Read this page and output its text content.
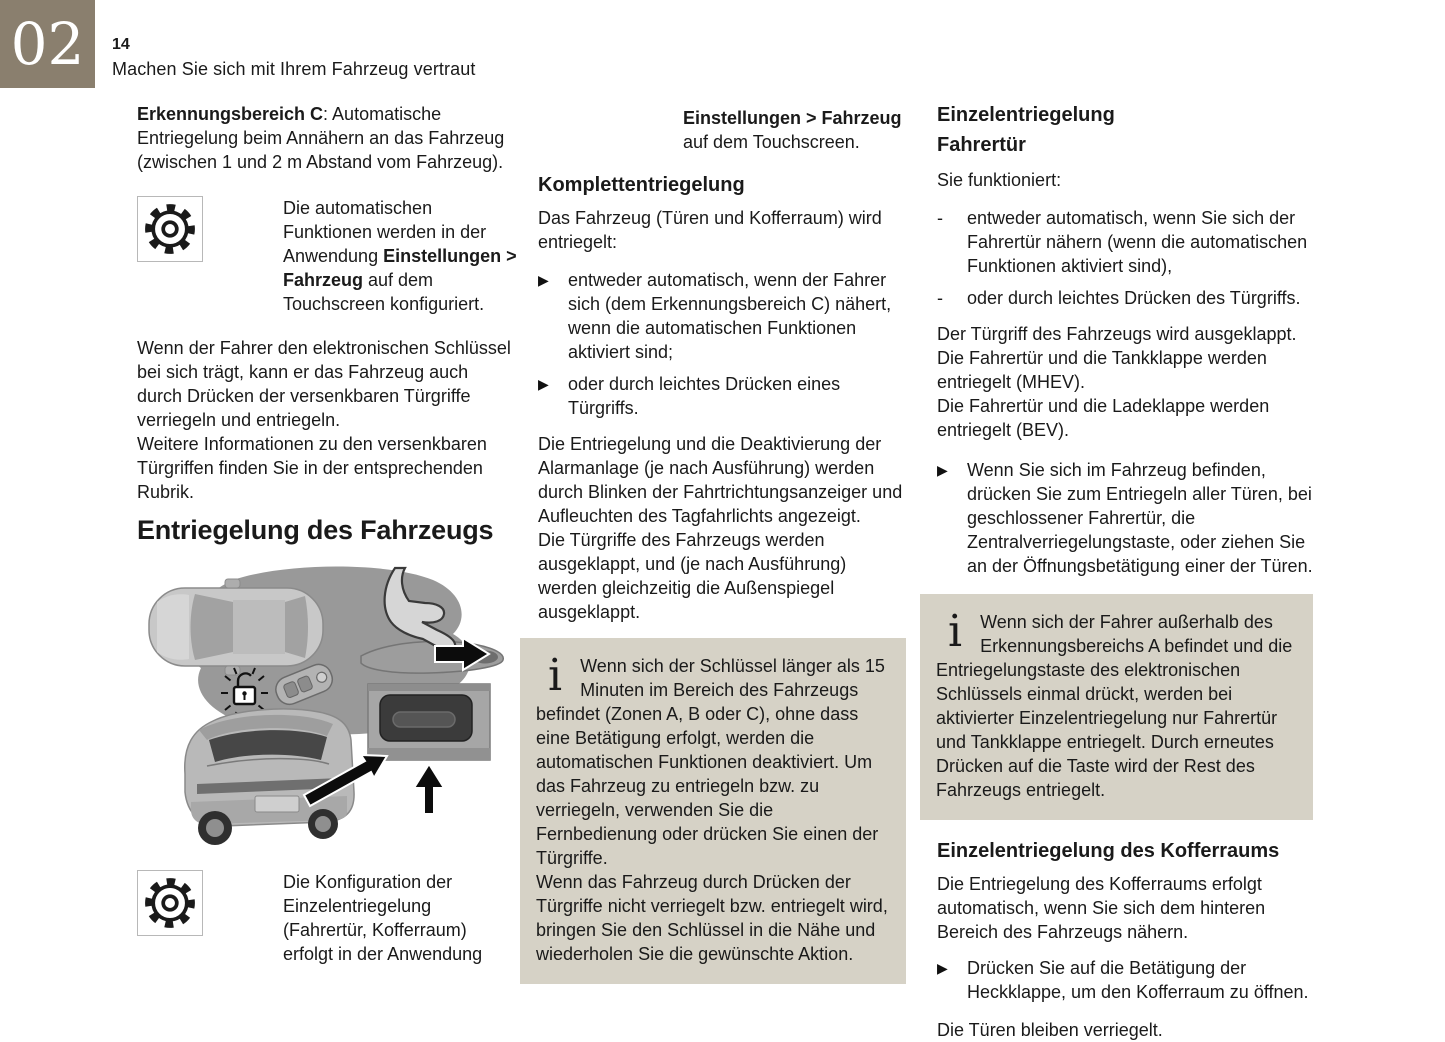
02 14
Machen Sie sich mit Ihrem Fahrzeug vertraut

Erkennungsbereich C: Automatische Entriegelung beim Annähern an das Fahrzeug (zwischen 1 und 2 m Abstand vom Fahrzeug).

Die automatischen Funktionen werden in der Anwendung Einstellungen > Fahrzeug auf dem Touchscreen konfiguriert.

Wenn der Fahrer den elektronischen Schlüssel bei sich trägt, kann er das Fahrzeug auch durch Drücken der versenkbaren Türgriffe verriegeln und entriegeln.
Weitere Informationen zu den versenkbaren Türgriffen finden Sie in der entsprechenden Rubrik.

Entriegelung des Fahrzeugs

Die Konfiguration der Einzelentriegelung (Fahrertür, Kofferraum) erfolgt in der Anwendung

Einstellungen > Fahrzeug
auf dem Touchscreen.

Komplettentriegelung

Das Fahrzeug (Türen und Kofferraum) wird entriegelt:

▶	entweder automatisch, wenn der Fahrer sich (dem Erkennungsbereich C) nähert, wenn die automatischen Funktionen aktiviert sind;
▶	oder durch leichtes Drücken eines Türgriffs.

Die Entriegelung und die Deaktivierung der Alarmanlage (je nach Ausführung) werden durch Blinken der Fahrtrichtungsanzeiger und Aufleuchten des Tagfahrlichts angezeigt.
Die Türgriffe des Fahrzeugs werden ausgeklappt, und (je nach Ausführung) werden gleichzeitig die Außenspiegel ausgeklappt.

i Wenn sich der Schlüssel länger als 15 Minuten im Bereich des Fahrzeugs befindet (Zonen A, B oder C), ohne dass eine Betätigung erfolgt, werden die automatischen Funktionen deaktiviert. Um das Fahrzeug zu entriegeln bzw. zu verriegeln, verwenden Sie die Fernbedienung oder drücken Sie einen der Türgriffe.
Wenn das Fahrzeug durch Drücken der Türgriffe nicht verriegelt bzw. entriegelt wird, bringen Sie den Schlüssel in die Nähe und wiederholen Sie die gewünschte Aktion.
Einzelentriegelung
Fahrertür

Sie funktioniert:

-	entweder automatisch, wenn Sie sich der Fahrertür nähern (wenn die automatischen Funktionen aktiviert sind),
-	oder durch leichtes Drücken des Türgriffs.

Der Türgriff des Fahrzeugs wird ausgeklappt.
Die Fahrertür und die Tankklappe werden entriegelt (MHEV).
Die Fahrertür und die Ladeklappe werden entriegelt (BEV).

▶	Wenn Sie sich im Fahrzeug befinden, drücken Sie zum Entriegeln aller Türen, bei geschlossener Fahrertür, die Zentralverriegelungstaste, oder ziehen Sie an der Öffnungsbetätigung einer der Türen.
i Wenn sich der Fahrer außerhalb des Erkennungsbereichs A befindet und die Entriegelungstaste des elektronischen Schlüssels einmal drückt, werden bei aktivierter Einzelentriegelung nur Fahrertür und Tankklappe entriegelt. Durch erneutes Drücken auf die Taste wird der Rest des Fahrzeugs entriegelt.
Einzelentriegelung des Kofferraums

Die Entriegelung des Kofferraums erfolgt automatisch, wenn Sie sich dem hinteren Bereich des Fahrzeugs nähern.

▶	Drücken Sie auf die Betätigung der Heckklappe, um den Kofferraum zu öffnen.

Die Türen bleiben verriegelt.
